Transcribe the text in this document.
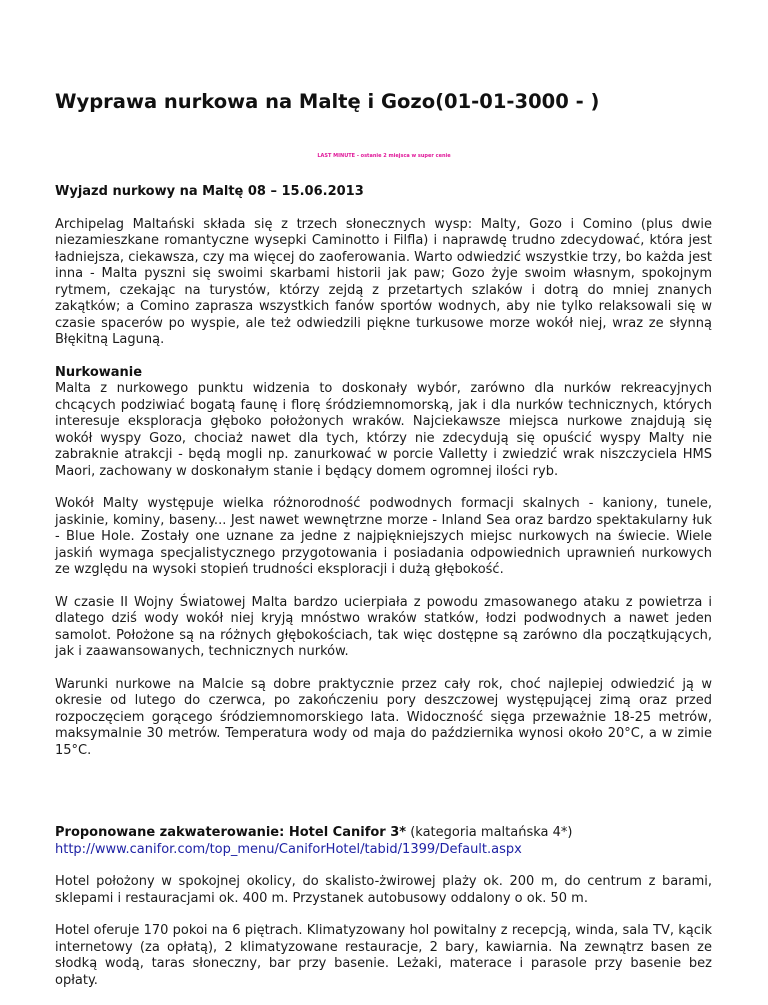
Wyprawa nurkowa na Maltę i Gozo(01-01-3000 - )
LAST MINUTE - ostanie 2 miejsca w super cenie
Wyjazd nurkowy na Maltę 08 – 15.06.2013

Archipelag Maltański składa się z trzech słonecznych wysp: Malty, Gozo i Comino (plus dwie niezamieszkane romantyczne wysepki Caminotto i Filfla) i naprawdę trudno zdecydować, która jest ładniejsza, ciekawsza, czy ma więcej do zaoferowania. Warto odwiedzić wszystkie trzy, bo każda jest inna - Malta pyszni się swoimi skarbami historii jak paw; Gozo żyje swoim własnym, spokojnym rytmem, czekając na turystów, którzy zejdą z przetartych szlaków i dotrą do mniej znanych zakątków; a Comino zaprasza wszystkich fanów sportów wodnych, aby nie tylko relaksowali się w czasie spacerów po wyspie, ale też odwiedzili piękne turkusowe morze wokół niej, wraz ze słynną Błękitną Laguną.

Nurkowanie

Malta z nurkowego punktu widzenia to doskonały wybór, zarówno dla nurków rekreacyjnych chcących podziwiać bogatą faunę i florę śródziemnomorską, jak i dla nurków technicznych, których interesuje eksploracja głęboko położonych wraków. Najciekawsze miejsca nurkowe znajdują się wokół wyspy Gozo, chociaż nawet dla tych, którzy nie zdecydują się opuścić wyspy Malty nie zabraknie atrakcji - będą mogli np. zanurkować w porcie Valletty i zwiedzić wrak niszczyciela HMS Maori, zachowany w doskonałym stanie i będący domem ogromnej ilości ryb.

Wokół Malty występuje wielka różnorodność podwodnych formacji skalnych - kaniony, tunele, jaskinie, kominy, baseny... Jest nawet wewnętrzne morze - Inland Sea oraz bardzo spektakularny łuk - Blue Hole. Zostały one uznane za jedne z najpiękniejszych miejsc nurkowych na świecie. Wiele jaskiń wymaga specjalistycznego przygotowania i posiadania odpowiednich uprawnień nurkowych ze względu na wysoki stopień trudności eksploracji i dużą głębokość.

W czasie II Wojny Światowej Malta bardzo ucierpiała z powodu zmasowanego ataku z powietrza i dlatego dziś wody wokół niej kryją mnóstwo wraków statków, łodzi podwodnych a nawet jeden samolot. Położone są na różnych głębokościach, tak więc dostępne są zarówno dla początkujących, jak i zaawansowanych, technicznych nurków.

Warunki nurkowe na Malcie są dobre praktycznie przez cały rok, choć najlepiej odwiedzić ją w okresie od lutego do czerwca, po zakończeniu pory deszczowej występującej zimą oraz przed rozpoczęciem gorącego śródziemnomorskiego lata. Widoczność sięga przeważnie 18-25 metrów, maksymalnie 30 metrów. Temperatura wody od maja do października wynosi około 20°C, a w zimie 15°C.

Proponowane zakwaterowanie: Hotel Canifor 3* (kategoria maltańska 4*)

http://www.canifor.com/top_menu/CaniforHotel/tabid/1399/Default.aspx

Hotel położony w spokojnej okolicy, do skalisto-żwirowej plaży ok. 200 m, do centrum z barami, sklepami i restauracjami ok. 400 m. Przystanek autobusowy oddalony o ok. 50 m.

Hotel oferuje 170 pokoi na 6 piętrach. Klimatyzowany hol powitalny z recepcją, winda, sala TV, kącik internetowy (za opłatą), 2 klimatyzowane restauracje, 2 bary, kawiarnia. Na zewnątrz basen ze słodką wodą, taras słoneczny, bar przy basenie. Leżaki, materace i parasole przy basenie bez opłaty.
